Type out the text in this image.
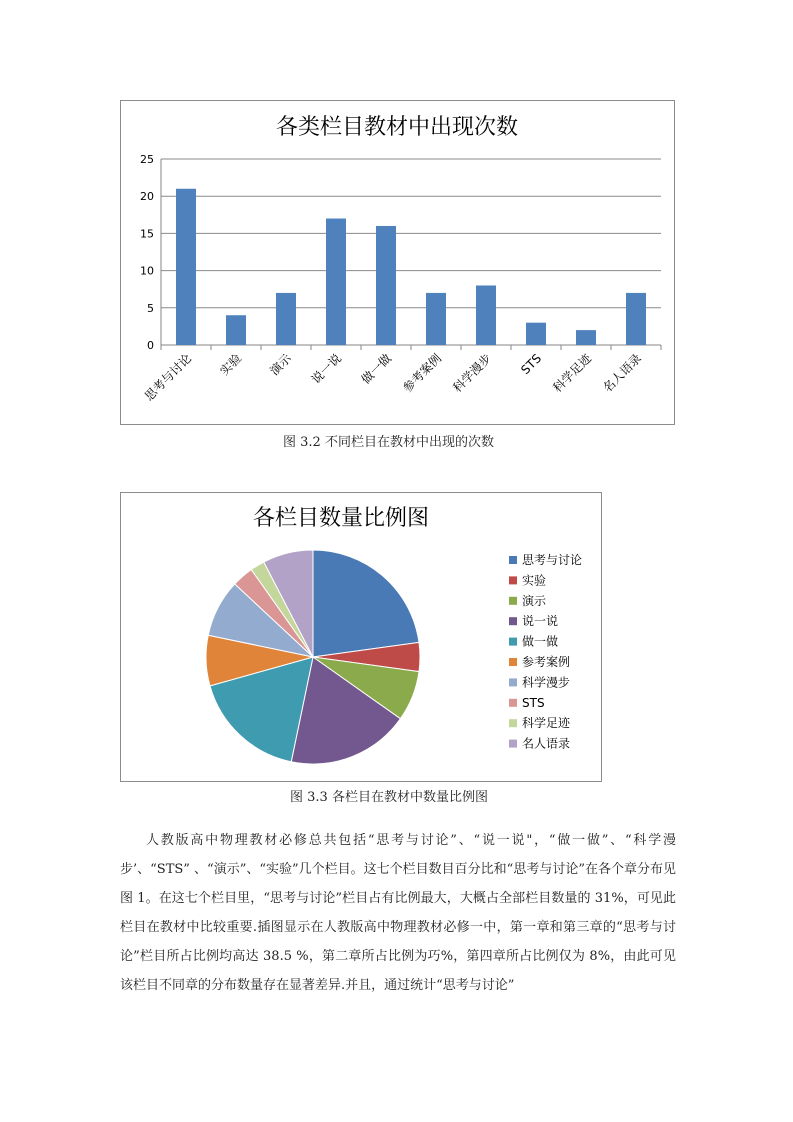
各类栏目教材中出现次数
0
5
10
15
20
25
思考与讨论 实验 演示 说一说 做一做 参考案例 科学漫步 STS 科学足迹 名人语录
图 3.2 不同栏目在教材中出现的次数
各栏目数量比例图
思考与讨论
实验
演示
说一说
做一做
参考案例
科学漫步
STS
科学足迹
名人语录
图 3.3 各栏目在教材中数量比例图

人教版高中物理教材必修总共包括“思考与讨论”、“说一说"，“做一做”、“科学漫步’、“STS” 、“演示”、“实验”几个栏目。这七个栏目数目百分比和“思考与讨论”在各个章分布见图 1。在这七个栏目里，“思考与讨论”栏目占有比例最大，大概占全部栏目数量的 31%，可见此栏目在教材中比较重要.插图显示在人教版高中物理教材必修一中，第一章和第三章的“思考与讨论”栏目所占比例均高达 38.5 %，第二章所占比例为巧%，第四章所占比例仅为 8%，由此可见该栏目不同章的分布数量存在显著差异.并且，通过统计“思考与讨论”
